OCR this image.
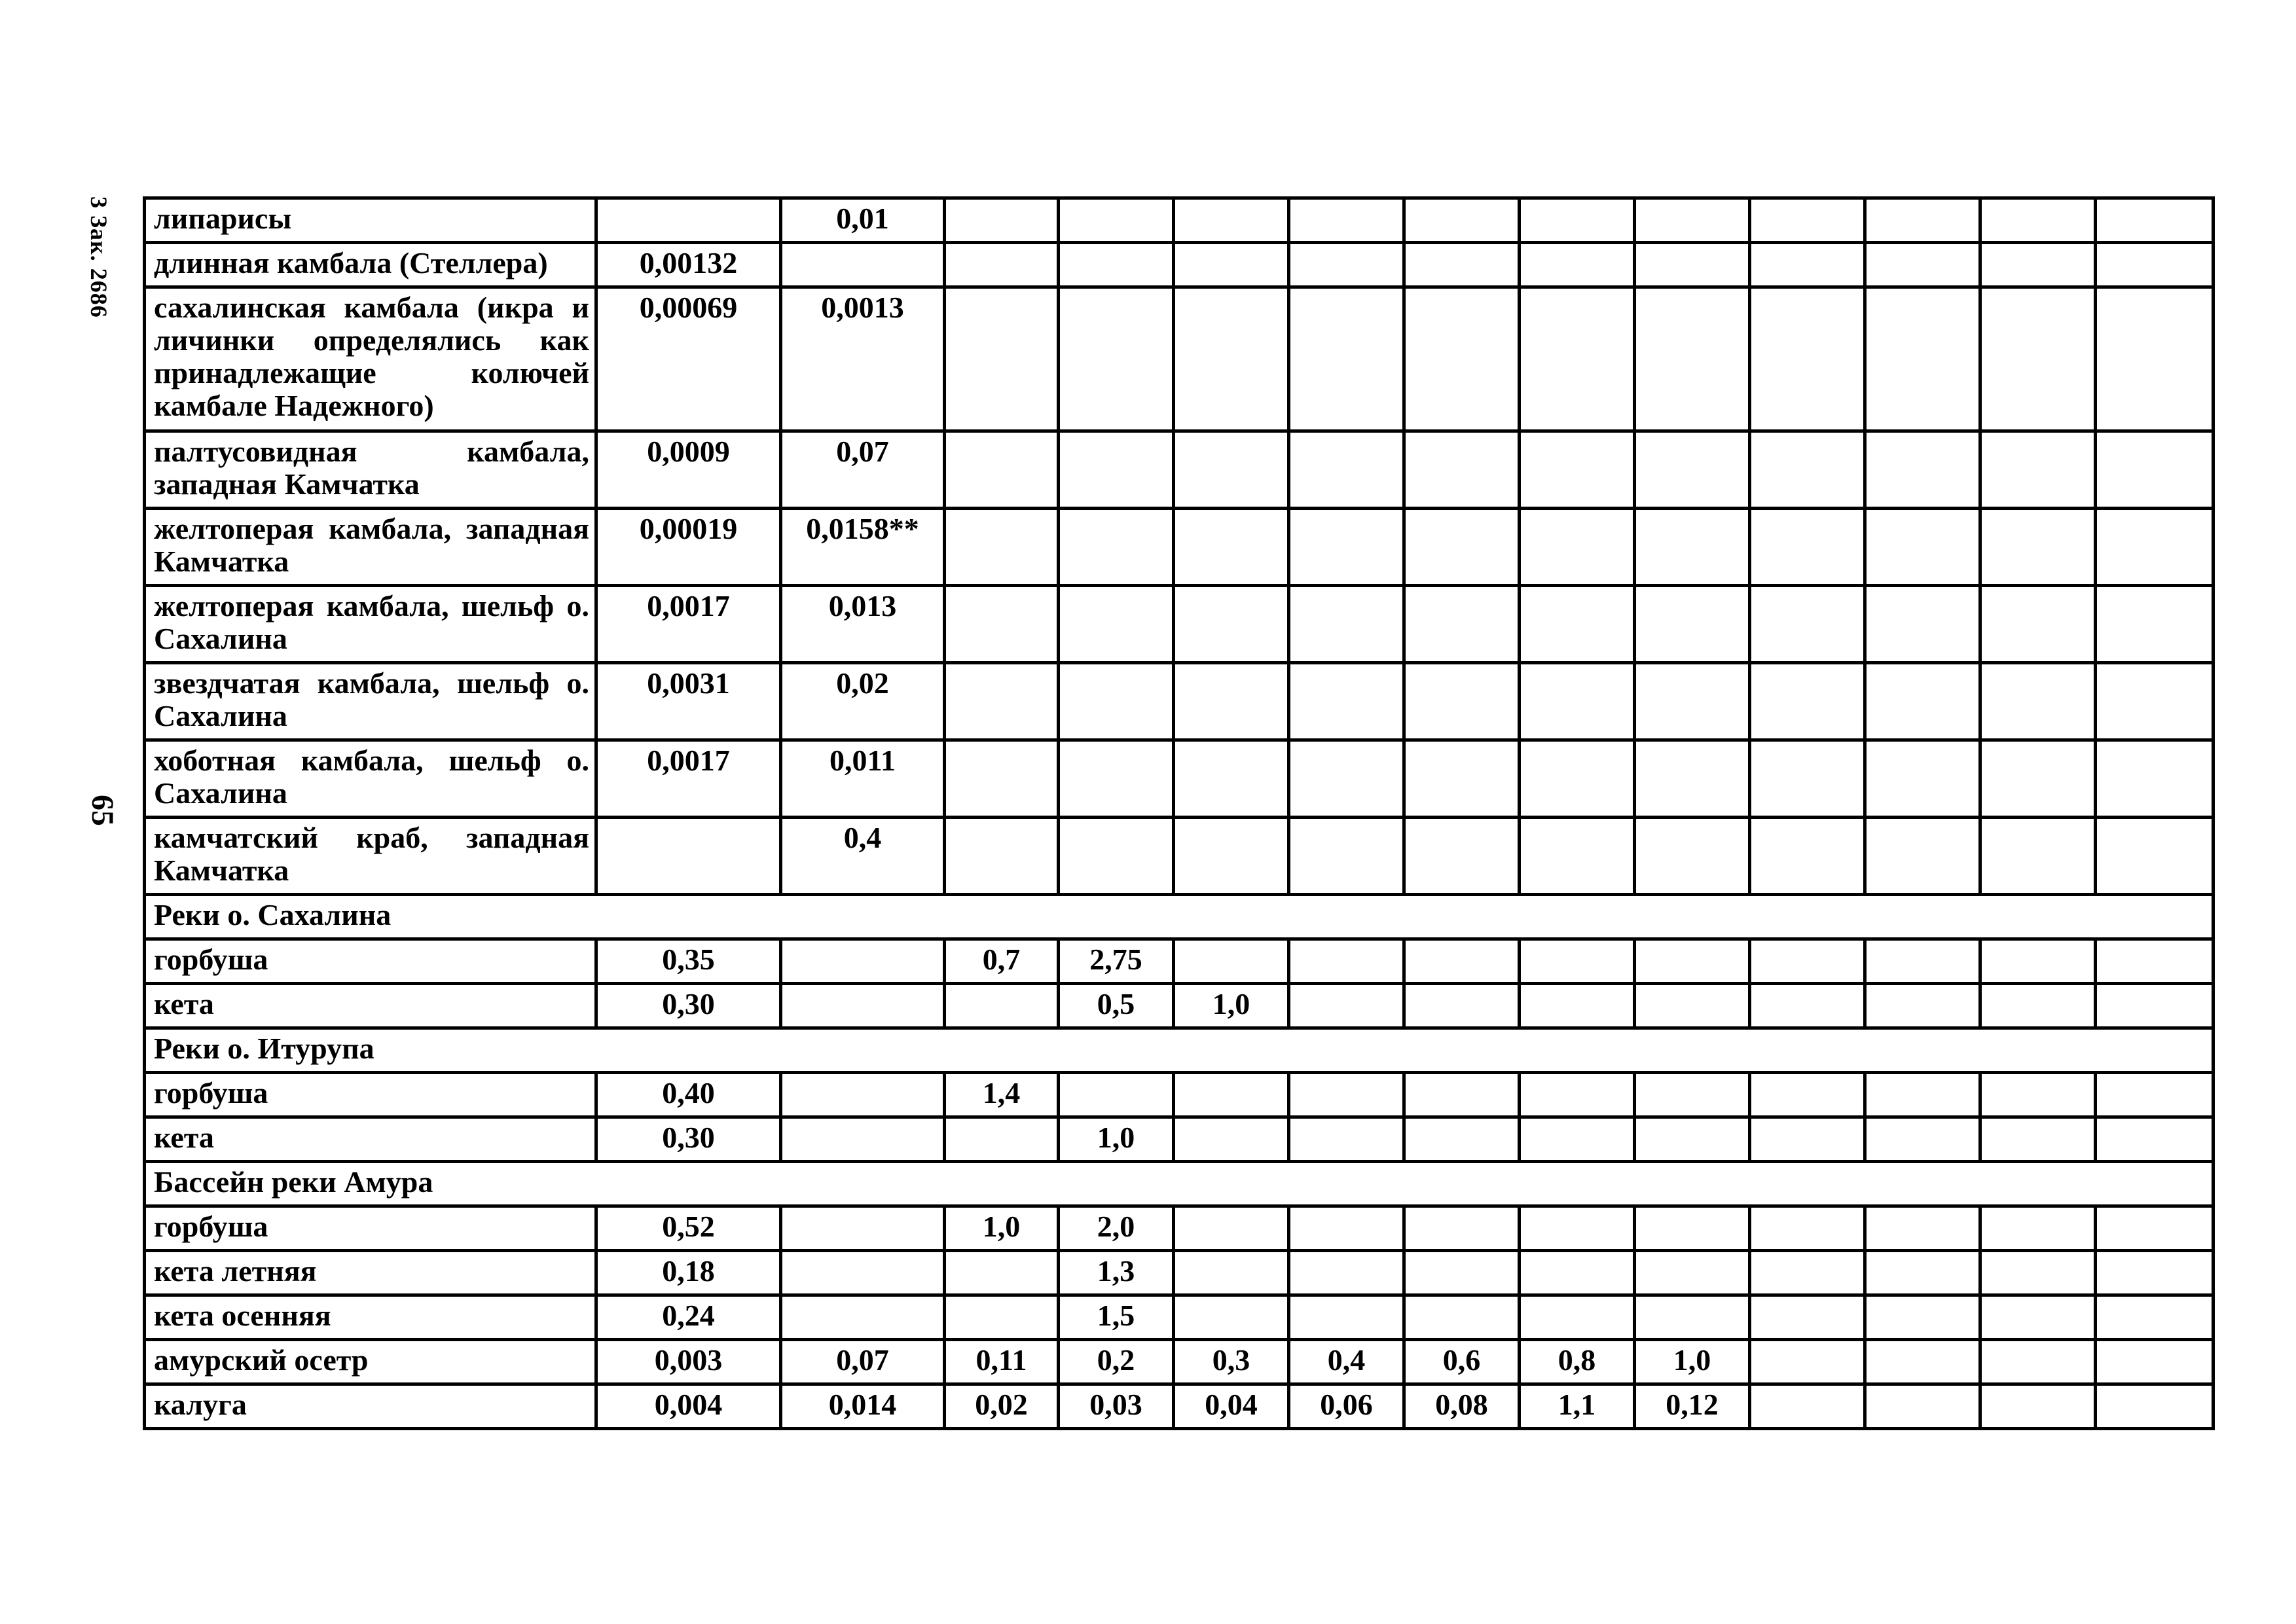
3 Зак. 2686
65
липарисы		0,01											
длинная камбала (Стеллера)	0,00132												
сахалинская камбала (икра и личинки определялись как принадлежащие колючей камбале Надежного)	0,00069	0,0013											
палтусовидная камбала, западная Камчатка	0,0009	0,07											
желтоперая камбала, западная Камчатка	0,00019	0,0158**											
желтоперая камбала, шельф о. Сахалина	0,0017	0,013											
звездчатая камбала, шельф о. Сахалина	0,0031	0,02											
хоботная камбала, шельф о. Сахалина	0,0017	0,011											
камчатский краб, западная Камчатка		0,4											
Реки о. Сахалина													
горбуша	0,35		0,7	2,75									
кета	0,30			0,5	1,0								
Реки о. Итурупа													
горбуша	0,40		1,4										
кета	0,30			1,0									
Бассейн реки Амура													
горбуша	0,52		1,0	2,0									
кета летняя	0,18			1,3									
кета осенняя	0,24			1,5									
амурский осетр	0,003	0,07	0,11	0,2	0,3	0,4	0,6	0,8	1,0				
калуга	0,004	0,014	0,02	0,03	0,04	0,06	0,08	1,1	0,12				
